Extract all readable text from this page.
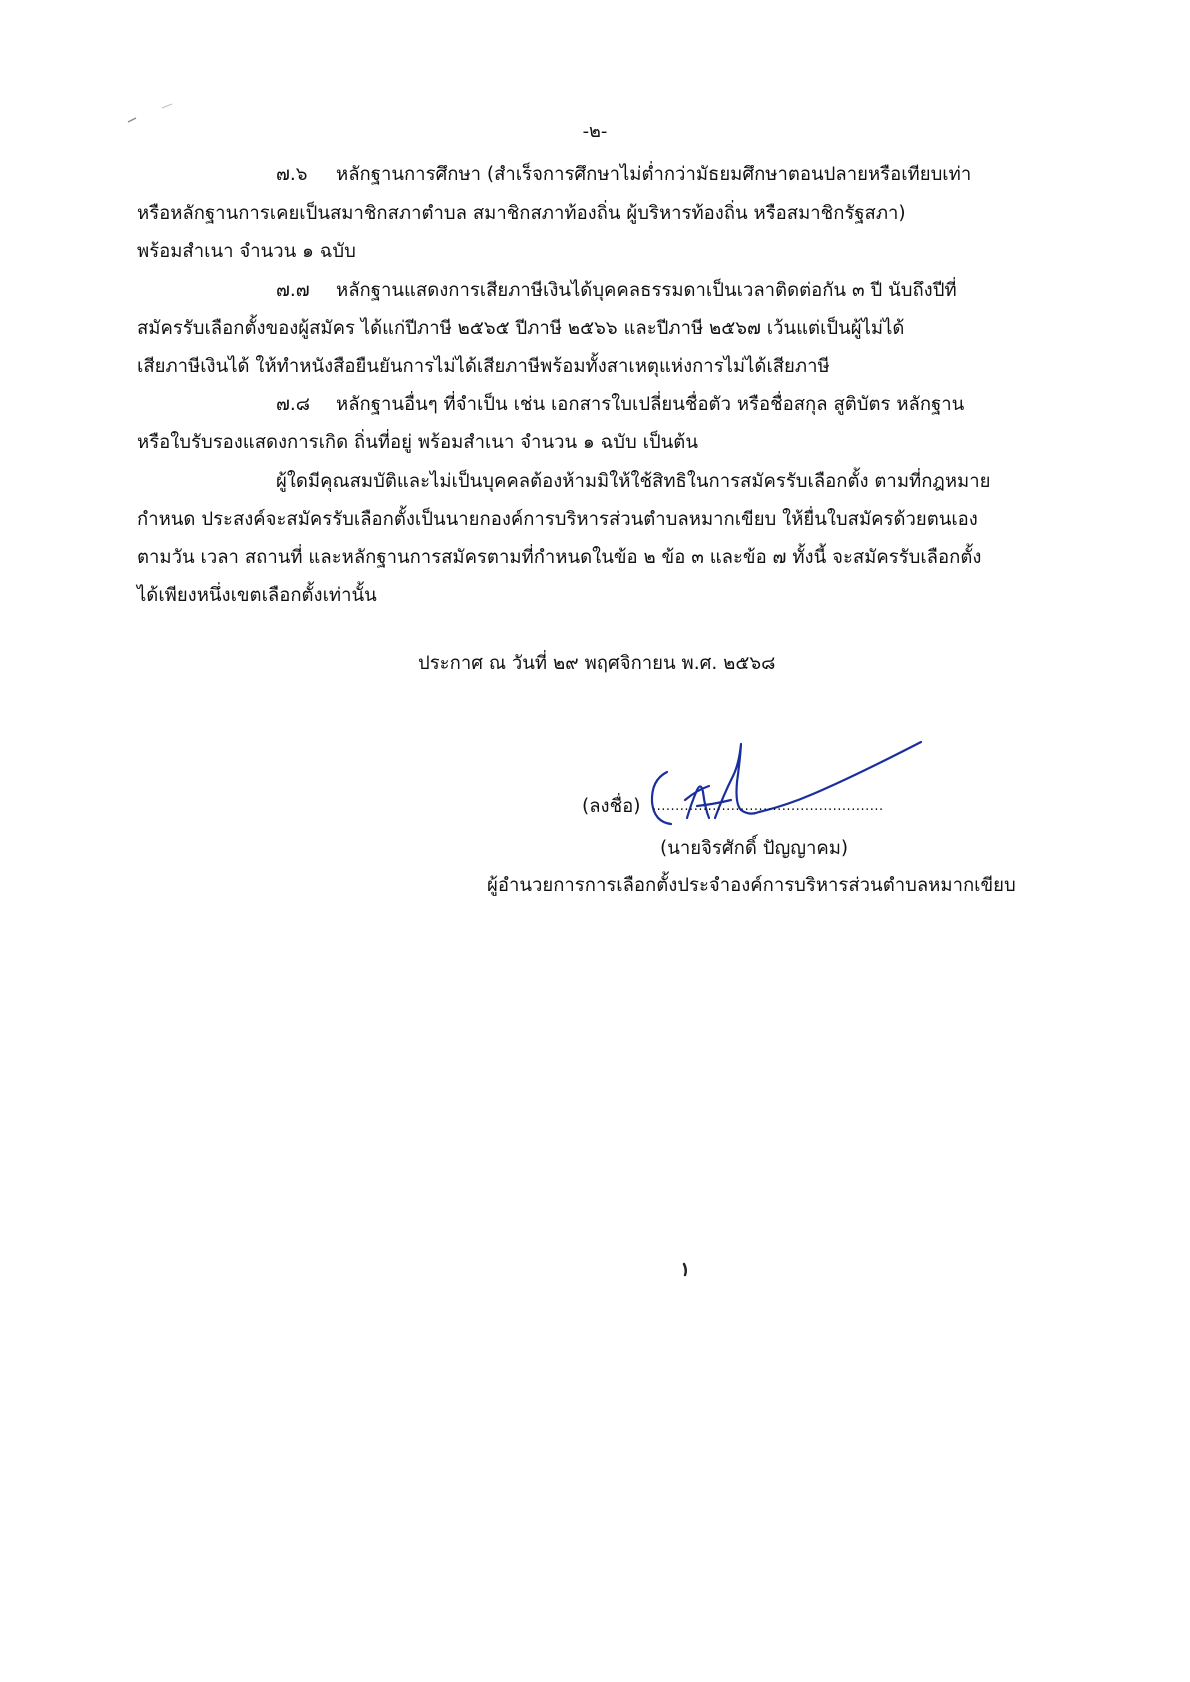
-๒-
๗.๖ หลักฐานการศึกษา (สำเร็จการศึกษาไม่ต่ำกว่ามัธยมศึกษาตอนปลายหรือเทียบเท่า
หรือหลักฐานการเคยเป็นสมาชิกสภาตำบล สมาชิกสภาท้องถิ่น ผู้บริหารท้องถิ่น หรือสมาชิกรัฐสภา)
พร้อมสำเนา จำนวน ๑ ฉบับ
๗.๗ หลักฐานแสดงการเสียภาษีเงินได้บุคคลธรรมดาเป็นเวลาติดต่อกัน ๓ ปี นับถึงปีที่
สมัครรับเลือกตั้งของผู้สมัคร ได้แก่ปีภาษี ๒๕๖๕ ปีภาษี ๒๕๖๖ และปีภาษี ๒๕๖๗ เว้นแต่เป็นผู้ไม่ได้
เสียภาษีเงินได้ ให้ทำหนังสือยืนยันการไม่ได้เสียภาษีพร้อมทั้งสาเหตุแห่งการไม่ได้เสียภาษี
๗.๘ หลักฐานอื่นๆ ที่จำเป็น เช่น เอกสารใบเปลี่ยนชื่อตัว หรือชื่อสกุล สูติบัตร หลักฐาน
หรือใบรับรองแสดงการเกิด ถิ่นที่อยู่ พร้อมสำเนา จำนวน ๑ ฉบับ เป็นต้น
ผู้ใดมีคุณสมบัติและไม่เป็นบุคคลต้องห้ามมิให้ใช้สิทธิในการสมัครรับเลือกตั้ง ตามที่กฎหมาย
กำหนด ประสงค์จะสมัครรับเลือกตั้งเป็นนายกองค์การบริหารส่วนตำบลหมากเขียบ ให้ยื่นใบสมัครด้วยตนเอง
ตามวัน เวลา สถานที่ และหลักฐานการสมัครตามที่กำหนดในข้อ ๒ ข้อ ๓ และข้อ ๗ ทั้งนี้ จะสมัครรับเลือกตั้ง
ได้เพียงหนึ่งเขตเลือกตั้งเท่านั้น
ประกาศ ณ วันที่ ๒๙ พฤศจิกายน พ.ศ. ๒๕๖๘
(ลงชื่อ) ..................................................
(นายจิรศักดิ์ ปัญญาคม)
ผู้อำนวยการการเลือกตั้งประจำองค์การบริหารส่วนตำบลหมากเขียบ
